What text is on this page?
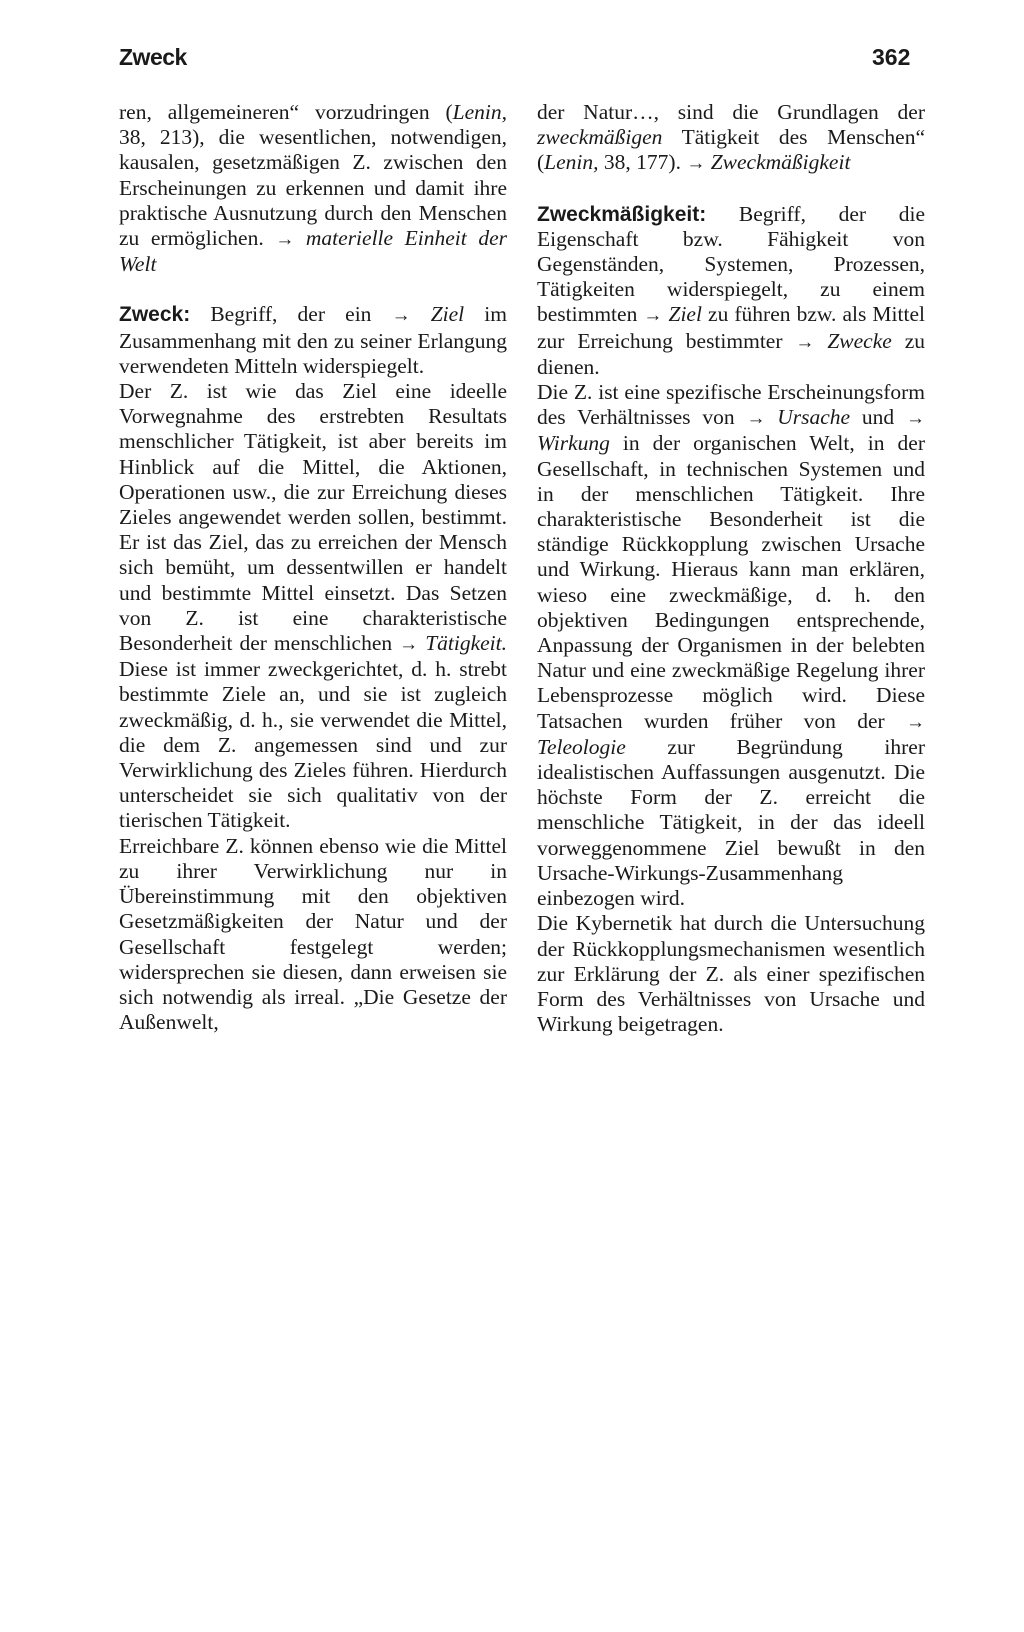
Zweck	362

ren, allgemeineren“ vorzudringen (Lenin, 38, 213), die wesentlichen, notwendigen, kausalen, gesetzmäßigen Z. zwischen den Erscheinungen zu erkennen und damit ihre praktische Ausnutzung durch den Menschen zu ermöglichen. → materielle Einheit der Welt

Zweck: Begriff, der ein → Ziel im Zusammenhang mit den zu seiner Erlangung verwendeten Mitteln widerspiegelt.

Der Z. ist wie das Ziel eine ideelle Vorwegnahme des erstrebten Resultats menschlicher Tätigkeit, ist aber bereits im Hinblick auf die Mittel, die Aktionen, Operationen usw., die zur Erreichung dieses Zieles angewendet werden sollen, bestimmt. Er ist das Ziel, das zu erreichen der Mensch sich bemüht, um dessentwillen er handelt und bestimmte Mittel einsetzt. Das Setzen von Z. ist eine charakteristische Besonderheit der menschlichen → Tätigkeit. Diese ist immer zweckgerichtet, d. h. strebt bestimmte Ziele an, und sie ist zugleich zweckmäßig, d. h., sie verwendet die Mittel, die dem Z. angemessen sind und zur Verwirklichung des Zieles führen. Hierdurch unterscheidet sie sich qualitativ von der tierischen Tätigkeit.

Erreichbare Z. können ebenso wie die Mittel zu ihrer Verwirklichung nur in Übereinstimmung mit den objektiven Gesetzmäßigkeiten der Natur und der Gesellschaft festgelegt werden; widersprechen sie diesen, dann erweisen sie sich notwendig als irreal. „Die Gesetze der Außenwelt,

der Natur…, sind die Grundlagen der zweckmäßigen Tätigkeit des Menschen“ (Lenin, 38, 177). → Zweckmäßigkeit

Zweckmäßigkeit: Begriff, der die Eigenschaft bzw. Fähigkeit von Gegenständen, Systemen, Prozessen, Tätigkeiten widerspiegelt, zu einem bestimmten → Ziel zu führen bzw. als Mittel zur Erreichung bestimmter → Zwecke zu dienen.

Die Z. ist eine spezifische Erscheinungsform des Verhältnisses von → Ursache und → Wirkung in der organischen Welt, in der Gesellschaft, in technischen Systemen und in der menschlichen Tätigkeit. Ihre charakteristische Besonderheit ist die ständige Rückkopplung zwischen Ursache und Wirkung. Hieraus kann man erklären, wieso eine zweckmäßige, d. h. den objektiven Bedingungen entsprechende, Anpassung der Organismen in der belebten Natur und eine zweckmäßige Regelung ihrer Lebensprozesse möglich wird. Diese Tatsachen wurden früher von der → Teleologie zur Begründung ihrer idealistischen Auffassungen ausgenutzt. Die höchste Form der Z. erreicht die menschliche Tätigkeit, in der das ideell vorweggenommene Ziel bewußt in den Ursache-Wirkungs-Zusammenhang einbezogen wird.

Die Kybernetik hat durch die Untersuchung der Rückkopplungsmechanismen wesentlich zur Erklärung der Z. als einer spezifischen Form des Verhältnisses von Ursache und Wirkung beigetragen.
